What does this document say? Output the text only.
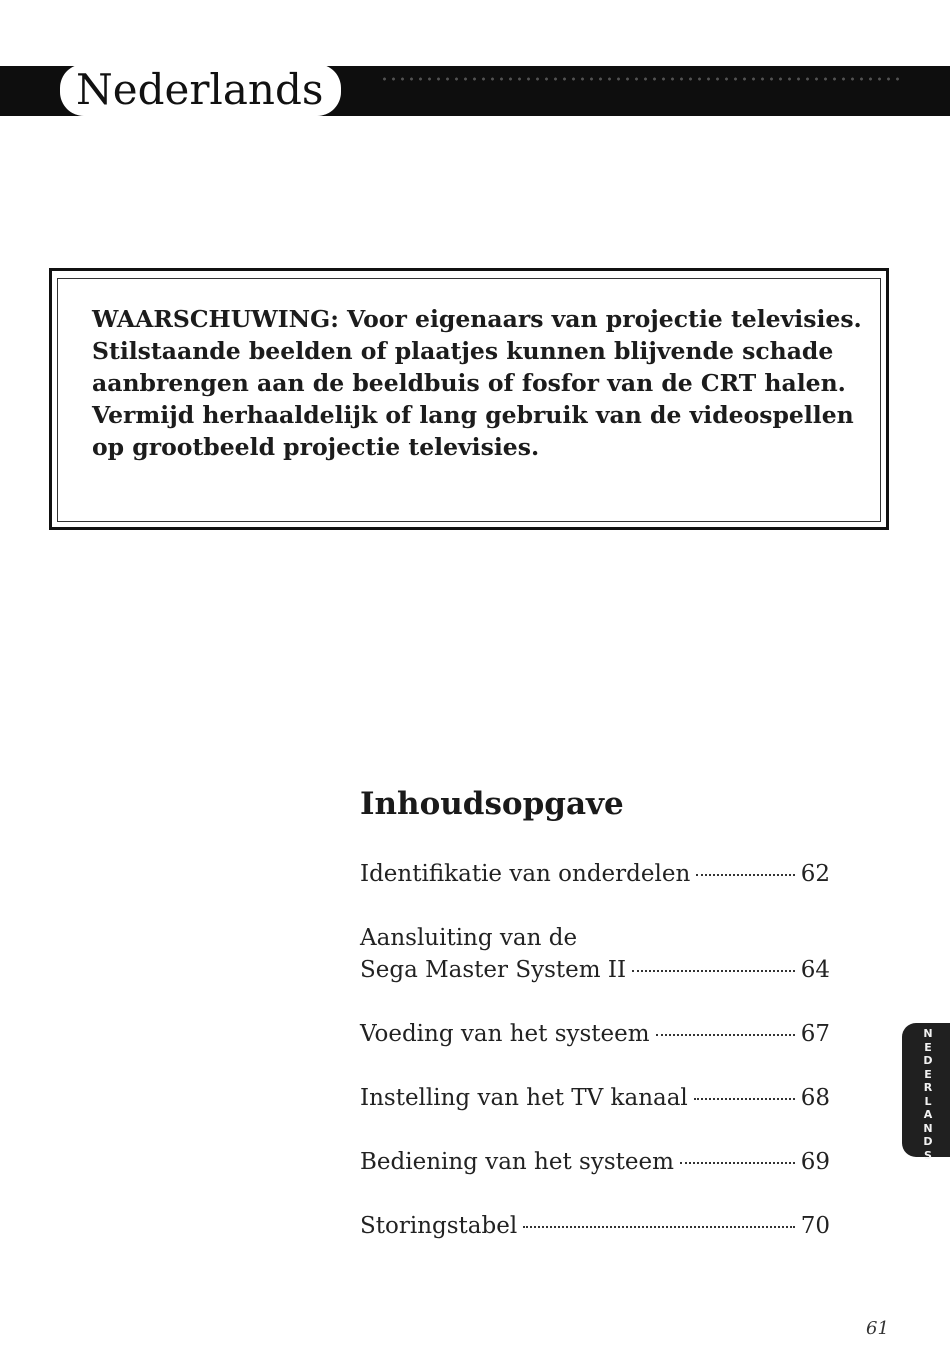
Nederlands

WAARSCHUWING: Voor eigenaars van projectie televisies. Stilstaande beelden of plaatjes kunnen blijvende schade aanbrengen aan de beeldbuis of fosfor van de CRT halen. Vermijd herhaaldelijk of lang gebruik van de videospellen op grootbeeld projectie televisies.

Inhoudsopgave
Identifikatie van onderdelen	62
Aansluiting van de
Sega Master System II	64
Voeding van het systeem	67
Instelling van het TV kanaal	68
Bediening van het systeem	69
Storingstabel	70
NEDERLANDS
61
